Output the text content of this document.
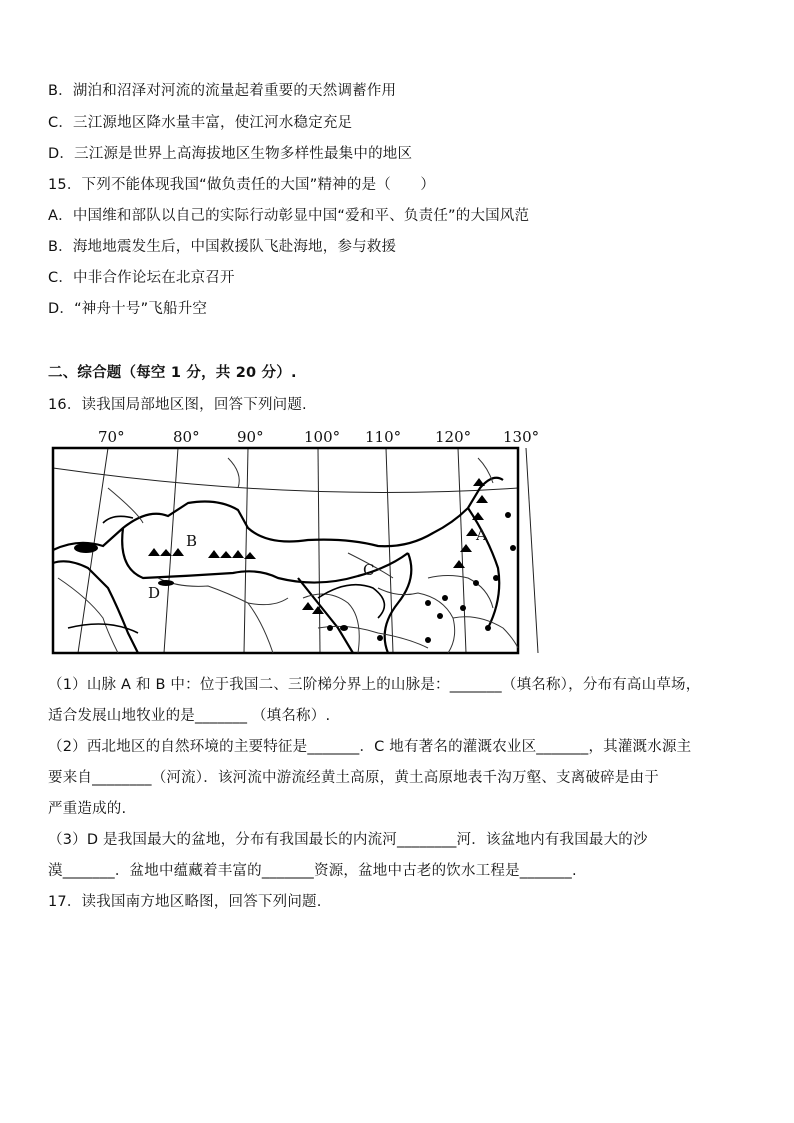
B．湖泊和沼泽对河流的流量起着重要的天然调蓄作用
C．三江源地区降水量丰富，使江河水稳定充足
D．三江源是世界上高海拔地区生物多样性最集中的地区
15．下列不能体现我国“做负责任的大国”精神的是（　　）
A．中国维和部队以自己的实际行动彰显中国“爱和平、负责任”的大国风范
B．海地地震发生后，中国救援队飞赴海地，参与救援
C．中非合作论坛在北京召开
D．“神舟十号”飞船升空
二、综合题（每空 1 分，共 20 分）.
16．读我国局部地区图，回答下列问题.
70°	80° 90°	100° 110° 120° 130°
A
B
C
D
（1）山脉 A 和 B 中：位于我国二、三阶梯分界上的山脉是：_______（填名称），分布有高山草场，
适合发展山地牧业的是_______ （填名称）.
（2）西北地区的自然环境的主要特征是_______．C 地有著名的灌溉农业区_______，其灌溉水源主
要来自________（河流）．该河流中游流经黄土高原，黄土高原地表千沟万壑、支离破碎是由于
严重造成的.
（3）D 是我国最大的盆地，分布有我国最长的内流河________河．该盆地内有我国最大的沙
漠_______．盆地中蕴藏着丰富的_______资源，盆地中古老的饮水工程是_______.
17．读我国南方地区略图，回答下列问题.
